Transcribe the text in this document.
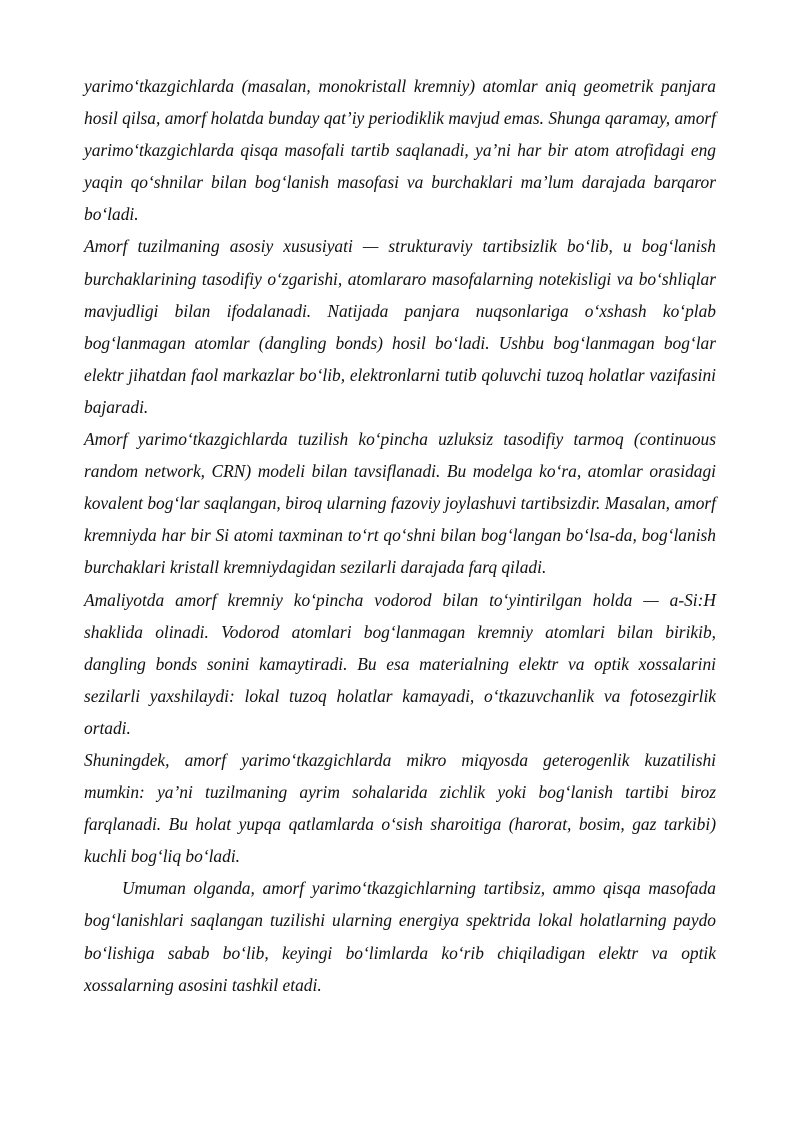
yarimo‘tkazgichlarda (masalan, monokristall kremniy) atomlar aniq geometrik panjara hosil qilsa, amorf holatda bunday qat’iy periodiklik mavjud emas. Shunga qaramay, amorf yarimo‘tkazgichlarda qisqa masofali tartib saqlanadi, ya’ni har bir atom atrofidagi eng yaqin qo‘shnilar bilan bog‘lanish masofasi va burchaklari ma’lum darajada barqaror bo‘ladi.

Amorf tuzilmaning asosiy xususiyati — strukturaviy tartibsizlik bo‘lib, u bog‘lanish burchaklarining tasodifiy o‘zgarishi, atomlararo masofalarning notekisligi va bo‘shliqlar mavjudligi bilan ifodalanadi. Natijada panjara nuqsonlariga o‘xshash ko‘plab bog‘lanmagan atomlar (dangling bonds) hosil bo‘ladi. Ushbu bog‘lanmagan bog‘lar elektr jihatdan faol markazlar bo‘lib, elektronlarni tutib qoluvchi tuzoq holatlar vazifasini bajaradi.

Amorf yarimo‘tkazgichlarda tuzilish ko‘pincha uzluksiz tasodifiy tarmoq (continuous random network, CRN) modeli bilan tavsiflanadi. Bu modelga ko‘ra, atomlar orasidagi kovalent bog‘lar saqlangan, biroq ularning fazoviy joylashuvi tartibsizdir. Masalan, amorf kremniyda har bir Si atomi taxminan to‘rt qo‘shni bilan bog‘langan bo‘lsa-da, bog‘lanish burchaklari kristall kremniydagidan sezilarli darajada farq qiladi.

Amaliyotda amorf kremniy ko‘pincha vodorod bilan to‘yintirilgan holda — a-Si:H shaklida olinadi. Vodorod atomlari bog‘lanmagan kremniy atomlari bilan birikib, dangling bonds sonini kamaytiradi. Bu esa materialning elektr va optik xossalarini sezilarli yaxshilaydi: lokal tuzoq holatlar kamayadi, o‘tkazuvchanlik va fotosezgirlik ortadi.

Shuningdek, amorf yarimo‘tkazgichlarda mikro miqyosda geterogenlik kuzatilishi mumkin: ya’ni tuzilmaning ayrim sohalarida zichlik yoki bog‘lanish tartibi biroz farqlanadi. Bu holat yupqa qatlamlarda o‘sish sharoitiga (harorat, bosim, gaz tarkibi) kuchli bog‘liq bo‘ladi.

Umuman olganda, amorf yarimo‘tkazgichlarning tartibsiz, ammo qisqa masofada bog‘lanishlari saqlangan tuzilishi ularning energiya spektrida lokal holatlarning paydo bo‘lishiga sabab bo‘lib, keyingi bo‘limlarda ko‘rib chiqiladigan elektr va optik xossalarning asosini tashkil etadi.
